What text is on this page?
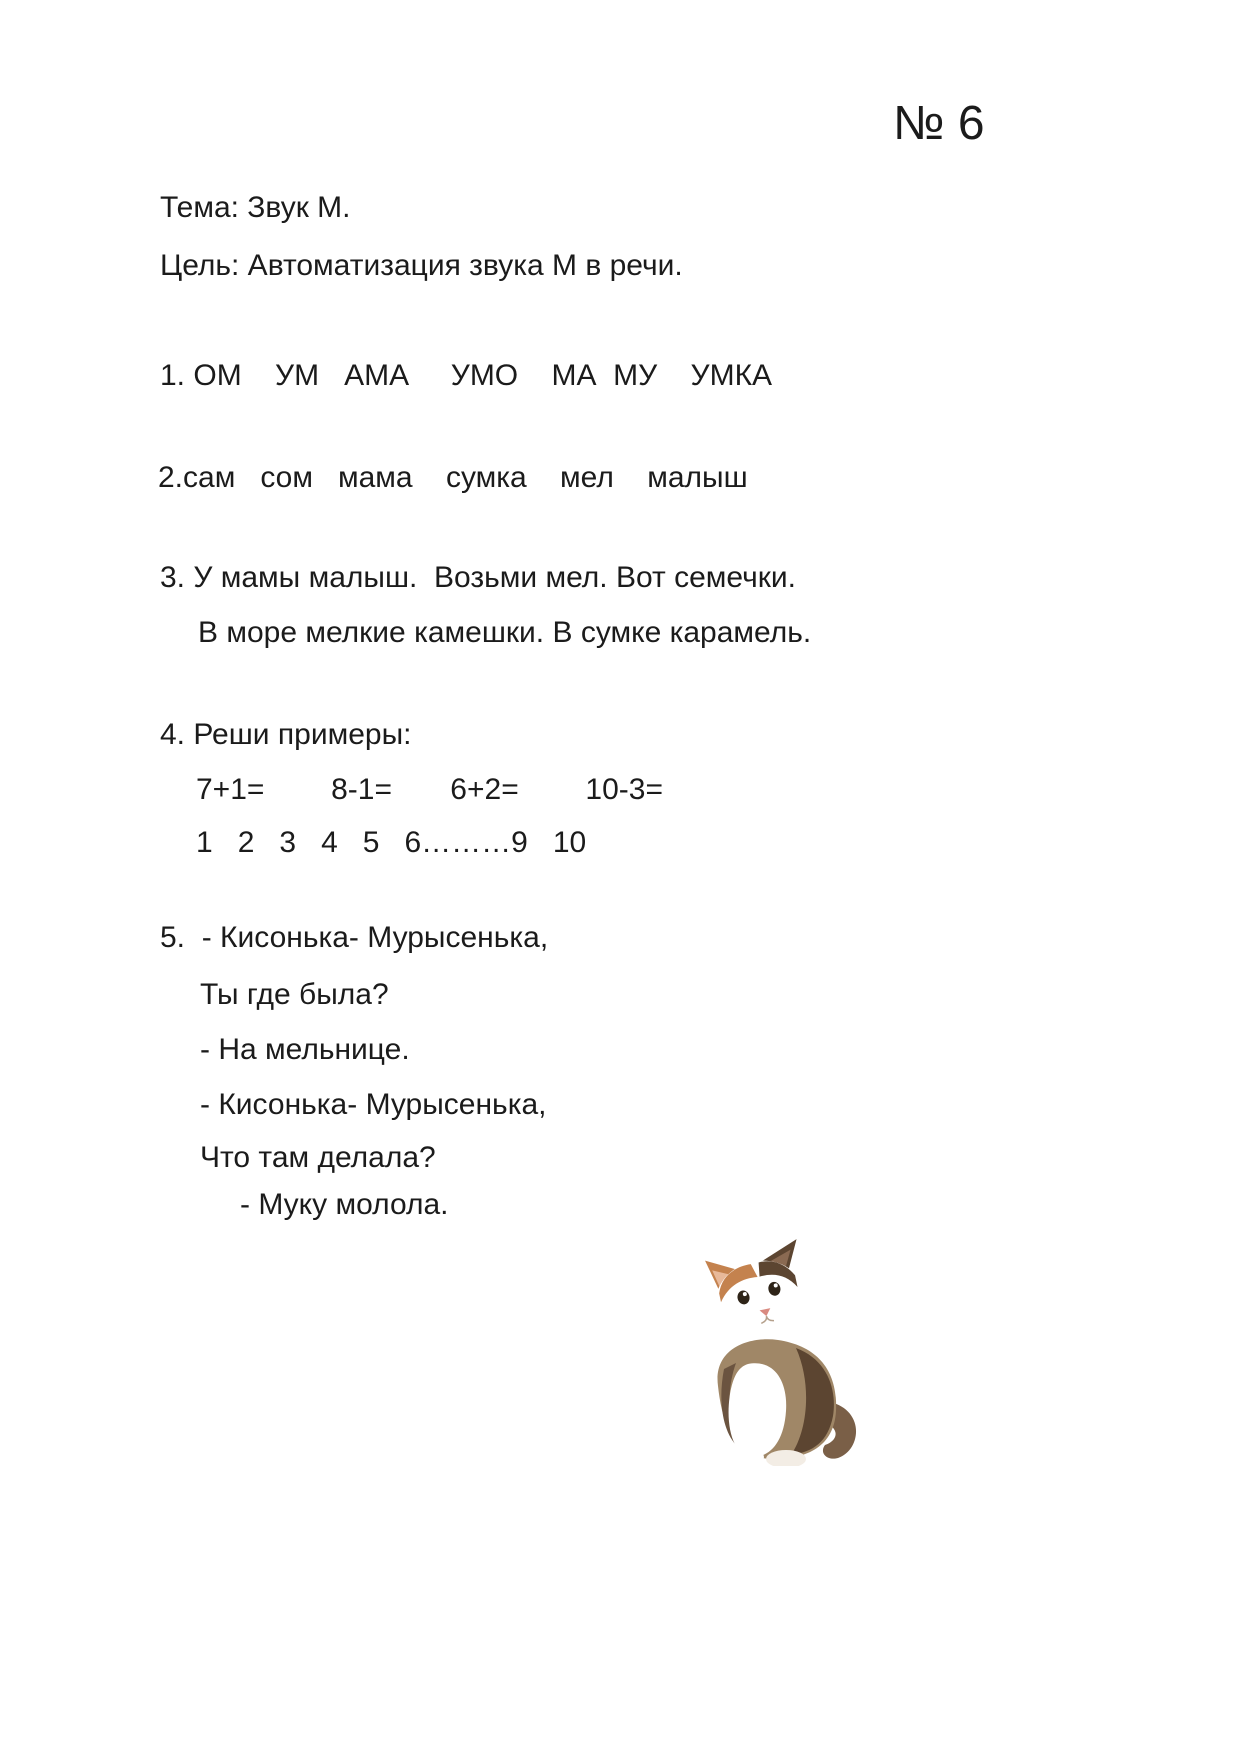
№ 6

Тема: Звук М.

Цель: Автоматизация звука М в речи.

1. ОМ    УМ   АМА     УМО    МА  МУ    УМКА

2.сам   сом   мама    сумка    мел    малыш

3. У мамы малыш.  Возьми мел. Вот семечки.

В море мелкие камешки. В сумке карамель.

4. Реши примеры:

7+1=        8-1=       6+2=        10-3=

1   2   3   4   5   6………9   10

5.  - Кисонька- Мурысенька,

Ты где была?

- На мельнице.

- Кисонька- Мурысенька,

Что там делала?

- Муку молола.
